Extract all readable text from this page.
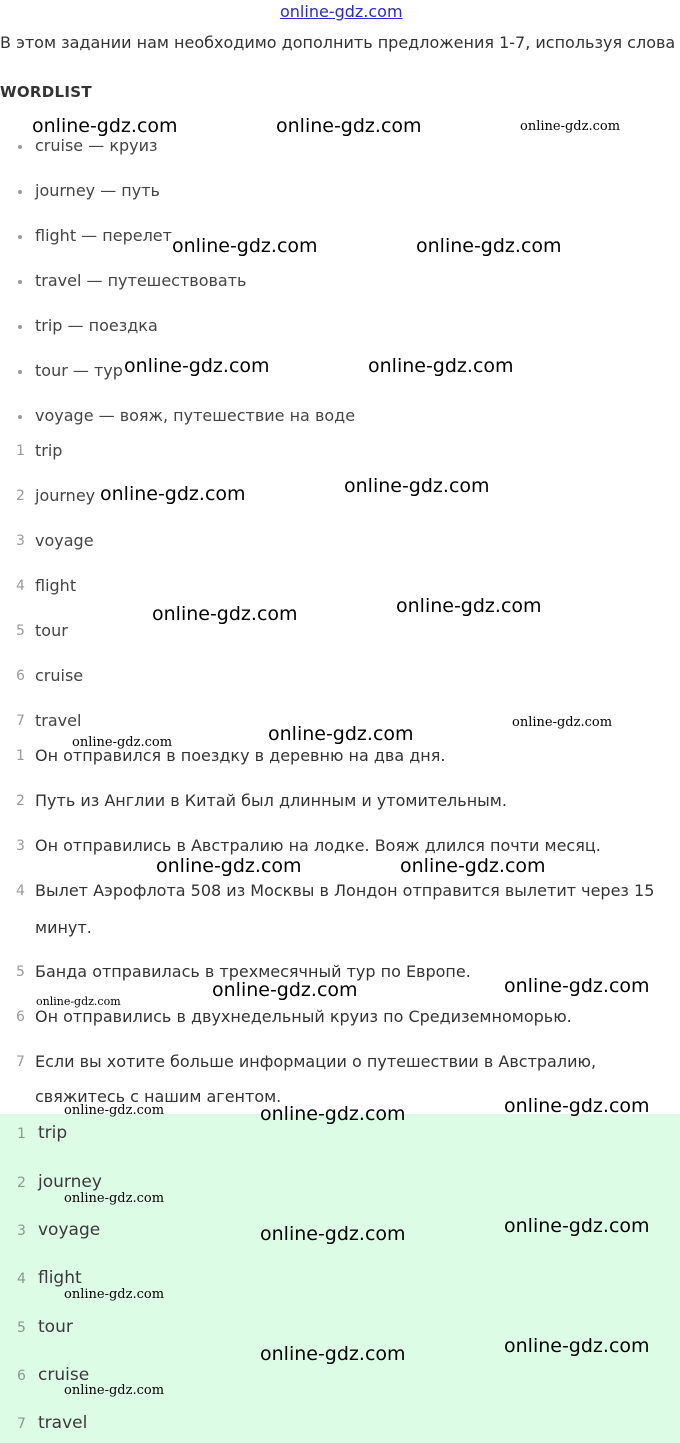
online-gdz.com
В этом задании нам необходимо дополнить предложения 1-7, используя слова
WORDLIST
cruise — круиз
journey — путь
flight — перелет
travel — путешествовать
trip — поездка
tour — тур
voyage — вояж, путешествие на воде
1 trip
2 journey
3 voyage
4 flight
5 tour
6 cruise
7 travel
1 Он отправился в поездку в деревню на два дня.
2 Путь из Англии в Китай был длинным и утомительным.
3 Он отправились в Австралию на лодке. Вояж длился почти месяц.
4 Вылет Аэрофлота 508 из Москвы в Лондон отправится вылетит через 15
минут.
5 Банда отправилась в трехмесячный тур по Европе.
6 Он отправились в двухнедельный круиз по Средиземноморью.
7 Если вы хотите больше информации о путешествии в Австралию,
свяжитесь с нашим агентом.
1 trip
2 journey
3 voyage
4 flight
5 tour
6 cruise
7 travel
online-gdz.com	online-gdz.com	online-gdz.com
online-gdz.com	online-gdz.com
online-gdz.com	online-gdz.com
online-gdz.com	online-gdz.com
online-gdz.com	online-gdz.com
online-gdz.com
online-gdz.com
online-gdz.com
online-gdz.com	online-gdz.com
online-gdz.com	online-gdz.com
online-gdz.com
online-gdz.com	online-gdz.com	online-gdz.com
online-gdz.com
online-gdz.com	online-gdz.com
online-gdz.com
online-gdz.com	online-gdz.com
online-gdz.com
